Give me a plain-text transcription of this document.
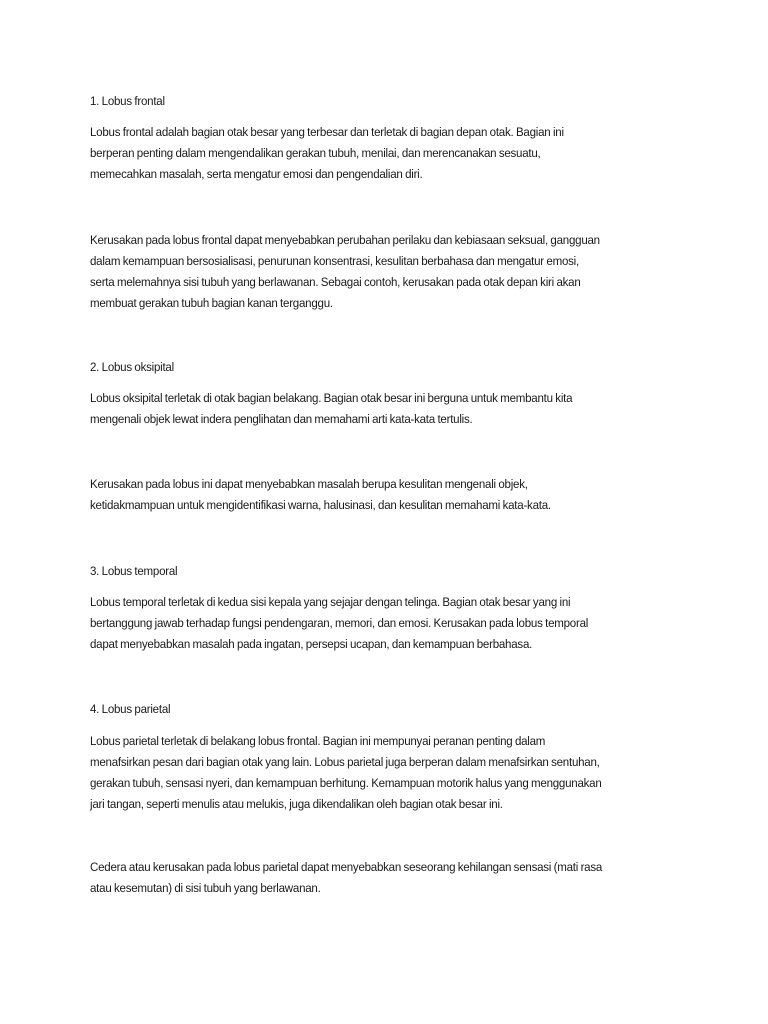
1. Lobus frontal
Lobus frontal adalah bagian otak besar yang terbesar dan terletak di bagian depan otak. Bagian ini
berperan penting dalam mengendalikan gerakan tubuh, menilai, dan merencanakan sesuatu,
memecahkan masalah, serta mengatur emosi dan pengendalian diri.
Kerusakan pada lobus frontal dapat menyebabkan perubahan perilaku dan kebiasaan seksual, gangguan
dalam kemampuan bersosialisasi, penurunan konsentrasi, kesulitan berbahasa dan mengatur emosi,
serta melemahnya sisi tubuh yang berlawanan. Sebagai contoh, kerusakan pada otak depan kiri akan
membuat gerakan tubuh bagian kanan terganggu.
2. Lobus oksipital
Lobus oksipital terletak di otak bagian belakang. Bagian otak besar ini berguna untuk membantu kita
mengenali objek lewat indera penglihatan dan memahami arti kata-kata tertulis.
Kerusakan pada lobus ini dapat menyebabkan masalah berupa kesulitan mengenali objek,
ketidakmampuan untuk mengidentifikasi warna, halusinasi, dan kesulitan memahami kata-kata.
3. Lobus temporal
Lobus temporal terletak di kedua sisi kepala yang sejajar dengan telinga. Bagian otak besar yang ini
bertanggung jawab terhadap fungsi pendengaran, memori, dan emosi. Kerusakan pada lobus temporal
dapat menyebabkan masalah pada ingatan, persepsi ucapan, dan kemampuan berbahasa.
4. Lobus parietal
Lobus parietal terletak di belakang lobus frontal. Bagian ini mempunyai peranan penting dalam
menafsirkan pesan dari bagian otak yang lain. Lobus parietal juga berperan dalam menafsirkan sentuhan,
gerakan tubuh, sensasi nyeri, dan kemampuan berhitung. Kemampuan motorik halus yang menggunakan
jari tangan, seperti menulis atau melukis, juga dikendalikan oleh bagian otak besar ini.
Cedera atau kerusakan pada lobus parietal dapat menyebabkan seseorang kehilangan sensasi (mati rasa
atau kesemutan) di sisi tubuh yang berlawanan.
